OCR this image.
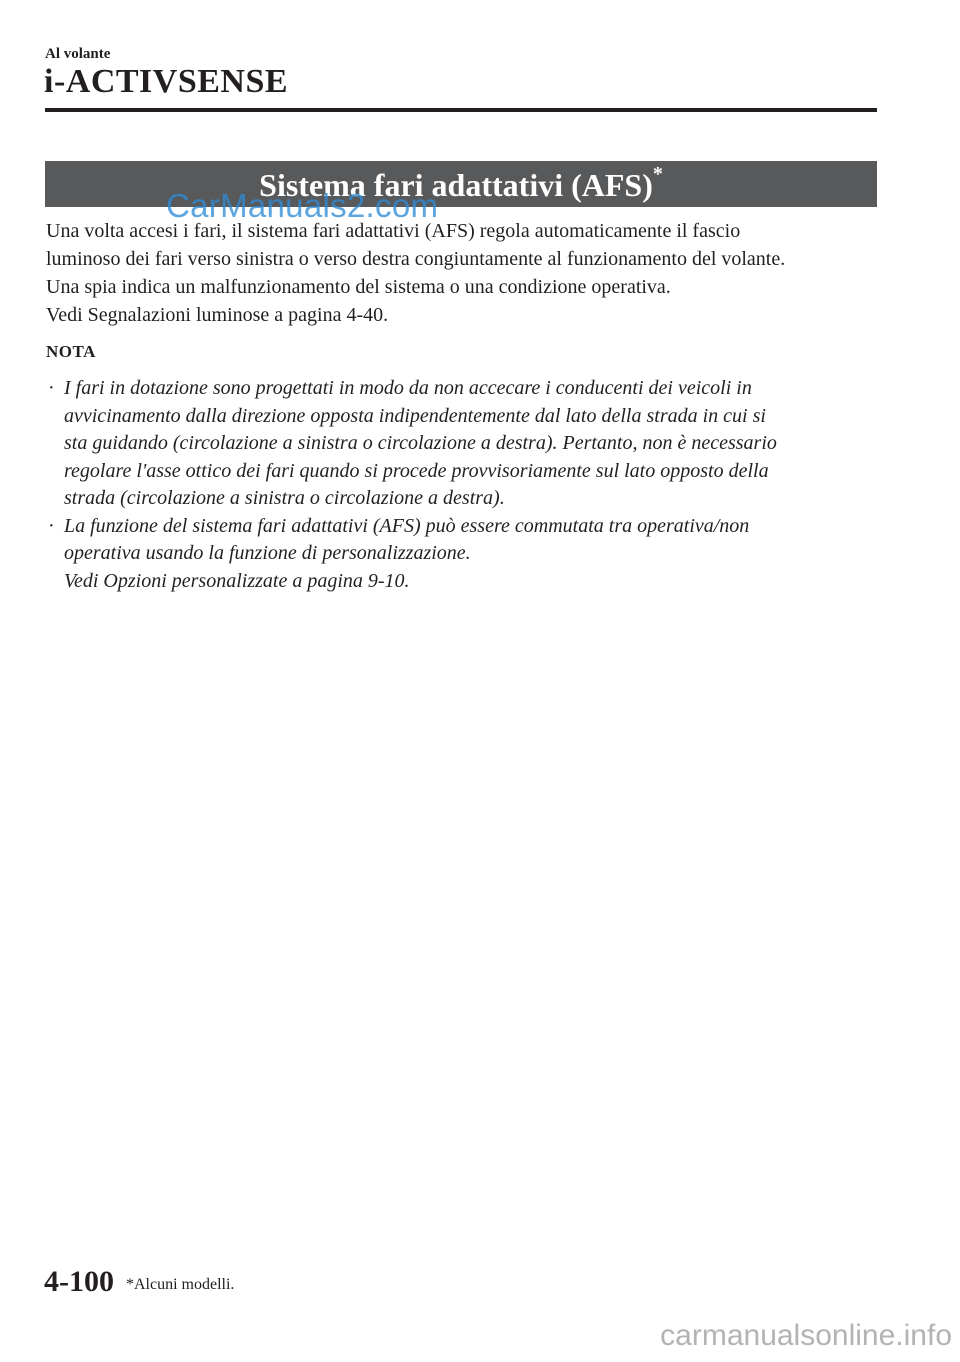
Al volante
i-ACTIVSENSE
Sistema fari adattativi (AFS)*
CarManuals2.com

Una volta accesi i fari, il sistema fari adattativi (AFS) regola automaticamente il fascio

luminoso dei fari verso sinistra o verso destra congiuntamente al funzionamento del volante.

Una spia indica un malfunzionamento del sistema o una condizione operativa.

Vedi Segnalazioni luminose a pagina 4-40.

NOTA
· I fari in dotazione sono progettati in modo da non accecare i conducenti dei veicoli in
avvicinamento dalla direzione opposta indipendentemente dal lato della strada in cui si
sta guidando (circolazione a sinistra o circolazione a destra). Pertanto, non è necessario
regolare l'asse ottico dei fari quando si procede provvisoriamente sul lato opposto della
strada (circolazione a sinistra o circolazione a destra).
· La funzione del sistema fari adattativi (AFS) può essere commutata tra operativa/non
operativa usando la funzione di personalizzazione.
Vedi Opzioni personalizzate a pagina 9-10.
4-100 *Alcuni modelli.
carmanualsonline.info
